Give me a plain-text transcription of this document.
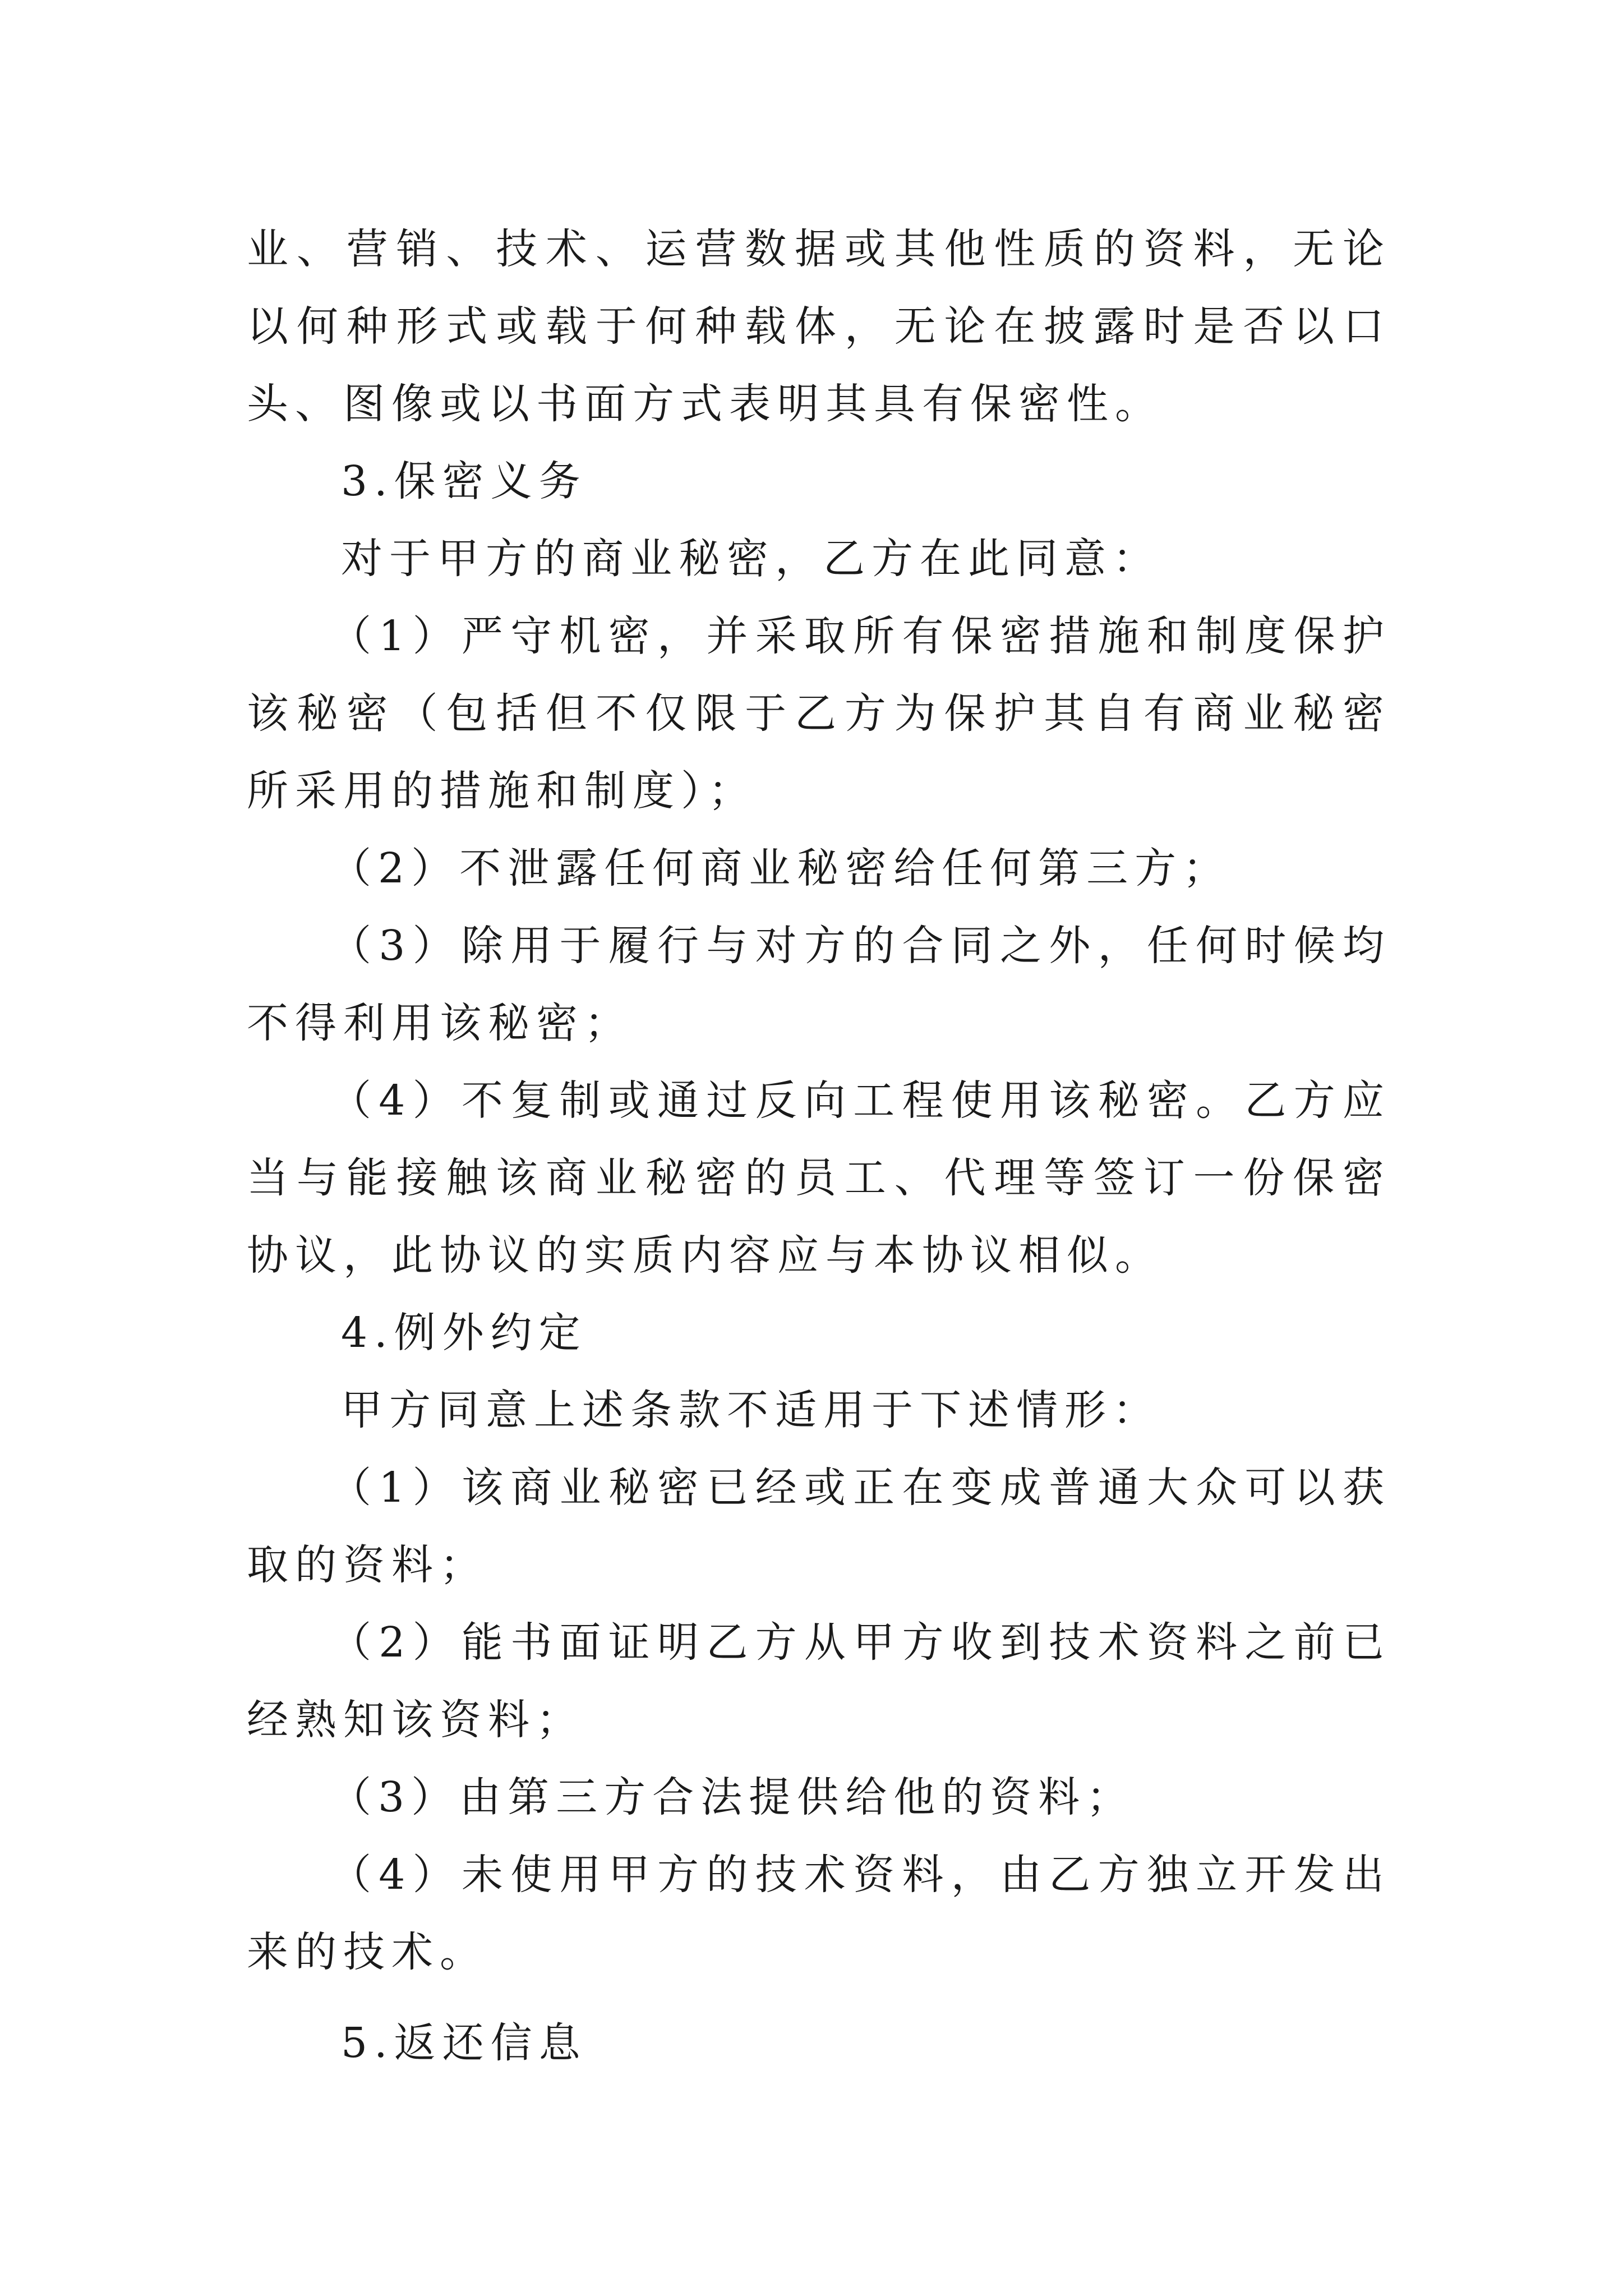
业、营销、技术、运营数据或其他性质的资料，无论以何种形式或载于何种载体，无论在披露时是否以口头、图像或以书面方式表明其具有保密性。

3.保密义务

对于甲方的商业秘密，乙方在此同意：

（1）严守机密，并采取所有保密措施和制度保护该秘密（包括但不仅限于乙方为保护其自有商业秘密所采用的措施和制度）；

（2）不泄露任何商业秘密给任何第三方；

（3）除用于履行与对方的合同之外，任何时候均不得利用该秘密；

（4）不复制或通过反向工程使用该秘密。乙方应当与能接触该商业秘密的员工、代理等签订一份保密协议，此协议的实质内容应与本协议相似。

4.例外约定

甲方同意上述条款不适用于下述情形：

（1）该商业秘密已经或正在变成普通大众可以获取的资料；

（2）能书面证明乙方从甲方收到技术资料之前已经熟知该资料；

（3）由第三方合法提供给他的资料；

（4）未使用甲方的技术资料，由乙方独立开发出来的技术。

5.返还信息
